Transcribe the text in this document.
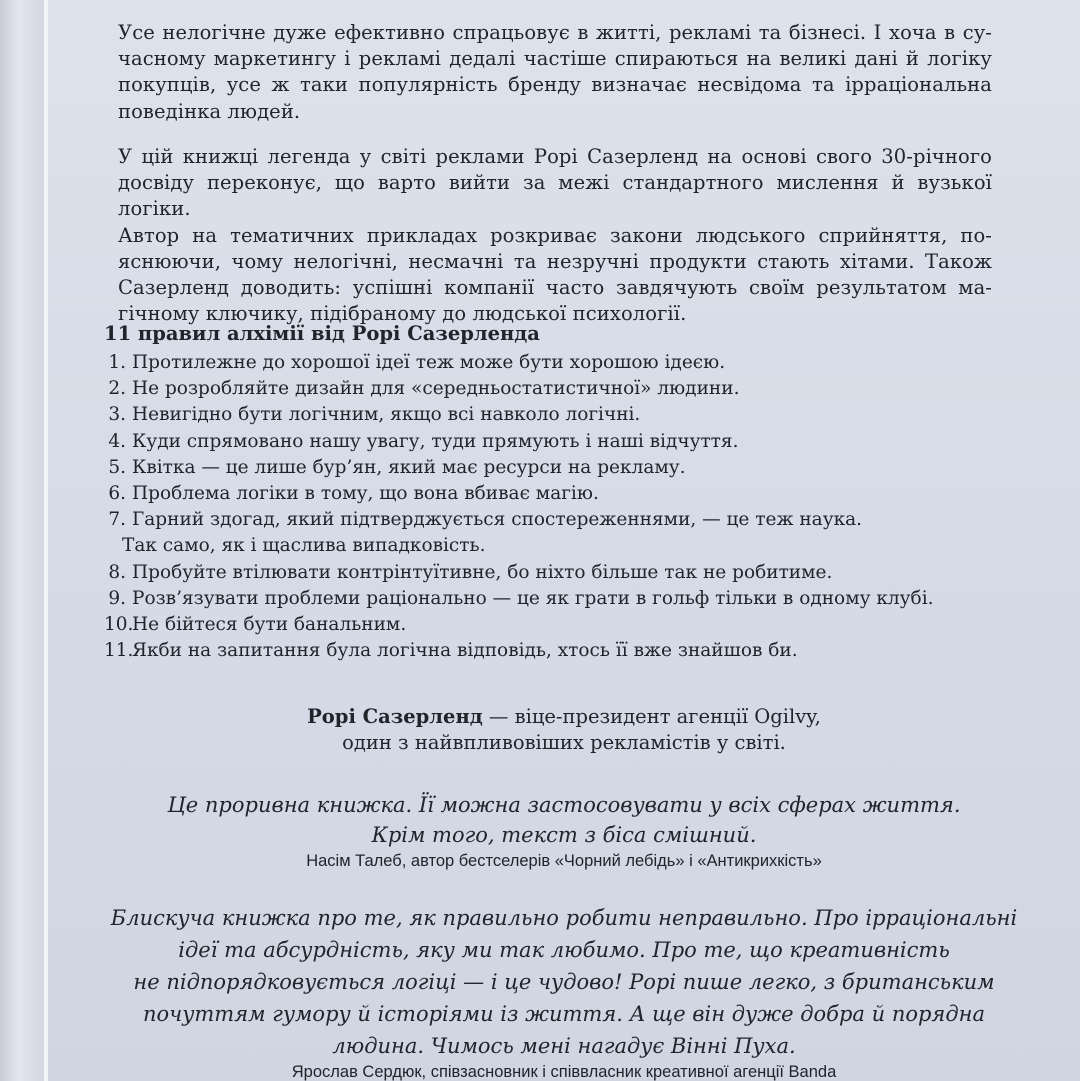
Усе нелогічне дуже ефективно спрацьовує в житті, рекламі та бізнесі. І хоча в су-
часному маркетингу і рекламі дедалі частіше спираються на великі дані й логіку
покупців, усе ж таки популярність бренду визначає несвідома та ірраціональна
поведінка людей.
У цій книжці легенда у світі реклами Рорі Сазерленд на основі свого 30-річного
досвіду переконує, що варто вийти за межі стандартного мислення й вузької логіки.
Автор на тематичних прикладах розкриває закони людського сприйняття, по-
яснюючи, чому нелогічні, несмачні та незручні продукти стають хітами. Також
Сазерленд доводить: успішні компанії часто завдячують своїм результатом ма-
гічному ключику, підібраному до людської психології.
11 правил алхімії від Рорі Сазерленда
1. Протилежне до хорошої ідеї теж може бути хорошою ідеєю.
2. Не розробляйте дизайн для «середньостатистичної» людини.
3. Невигідно бути логічним, якщо всі навколо логічні.
4. Куди спрямовано нашу увагу, туди прямують і наші відчуття.
5. Квітка — це лише бур’ян, який має ресурси на рекламу.
6. Проблема логіки в тому, що вона вбиває магію.
7. Гарний здогад, який підтверджується спостереженнями, — це теж наука.
Так само, як і щаслива випадковість.
8. Пробуйте втілювати контрінтуїтивне, бо ніхто більше так не робитиме.
9. Розв’язувати проблеми раціонально — це як грати в гольф тільки в одному клубі.
10.Не бійтеся бути банальним.
11.Якби на запитання була логічна відповідь, хтось її вже знайшов би.
Рорі Сазерленд — віце-президент агенції Ogilvy,
один з найвпливовіших рекламістів у світі.
Це проривна книжка. Її можна застосовувати у всіх сферах життя.
Крім того, текст з біса смішний.
Насім Талеб, автор бестселерів «Чорний лебідь» і «Антикрихкість»
Блискуча книжка про те, як правильно робити неправильно. Про ірраціональні
ідеї та абсурдність, яку ми так любимо. Про те, що креативність
не підпорядковується логіці — і це чудово! Рорі пише легко, з британським
почуттям гумору й історіями із життя. А ще він дуже добра й порядна
людина. Чимось мені нагадує Вінні Пуха.
Ярослав Сердюк, співзасновник і співвласник креативної агенції Banda
